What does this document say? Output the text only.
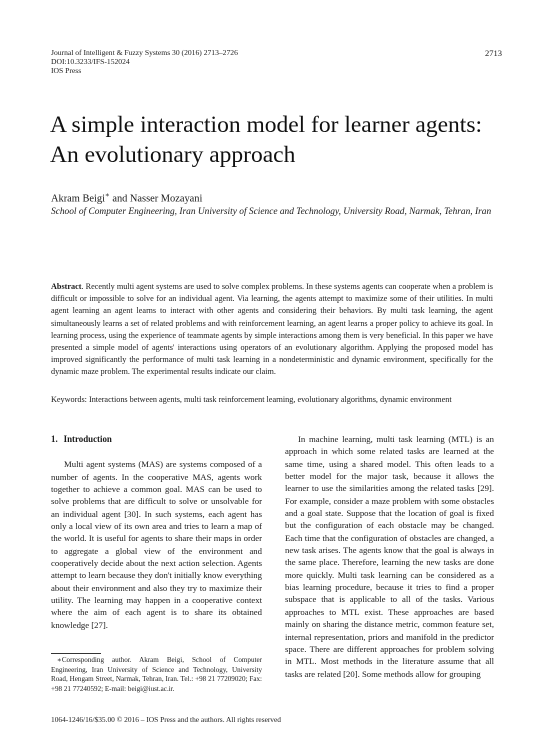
Journal of Intelligent & Fuzzy Systems 30 (2016) 2713–2726
DOI:10.3233/IFS-152024
IOS Press
2713
A simple interaction model for learner agents: An evolutionary approach
Akram Beigi∗ and Nasser Mozayani
School of Computer Engineering, Iran University of Science and Technology, University Road, Narmak, Tehran, Iran
Abstract. Recently multi agent systems are used to solve complex problems. In these systems agents can cooperate when a problem is difficult or impossible to solve for an individual agent. Via learning, the agents attempt to maximize some of their utilities. In multi agent learning an agent learns to interact with other agents and considering their behaviors. By multi task learning, the agent simultaneously learns a set of related problems and with reinforcement learning, an agent learns a proper policy to achieve its goal. In learning process, using the experience of teammate agents by simple interactions among them is very beneficial. In this paper we have presented a simple model of agents' interactions using operators of an evolutionary algorithm. Applying the proposed model has improved significantly the performance of multi task learning in a nondeterministic and dynamic environment, specifically for the dynamic maze problem. The experimental results indicate our claim.
Keywords: Interactions between agents, multi task reinforcement learning, evolutionary algorithms, dynamic environment
1. Introduction

Multi agent systems (MAS) are systems composed of a number of agents. In the cooperative MAS, agents work together to achieve a common goal. MAS can be used to solve problems that are difficult to solve or unsolvable for an individual agent [30]. In such systems, each agent has only a local view of its own area and tries to learn a map of the world. It is useful for agents to share their maps in order to aggregate a global view of the environment and cooperatively decide about the next action selection. Agents attempt to learn because they don't initially know everything about their environment and also they try to maximize their utility. The learning may happen in a cooperative context where the aim of each agent is to share its obtained knowledge [27].

In machine learning, multi task learning (MTL) is an approach in which some related tasks are learned at the same time, using a shared model. This often leads to a better model for the major task, because it allows the learner to use the similarities among the related tasks [29]. For example, consider a maze problem with some obstacles and a goal state. Suppose that the location of goal is fixed but the configuration of each obstacle may be changed. Each time that the configuration of obstacles are changed, a new task arises. The agents know that the goal is always in the same place. Therefore, learning the new tasks are done more quickly. Multi task learning can be considered as a bias learning procedure, because it tries to find a proper subspace that is applicable to all of the tasks. Various approaches to MTL exist. These approaches are based mainly on sharing the distance metric, common feature set, internal representation, priors and manifold in the predictor space. There are different approaches for problem solving in MTL. Most methods in the literature assume that all tasks are related [20]. Some methods allow for grouping

∗Corresponding author. Akram Beigi, School of Computer Engineering, Iran University of Science and Technology, University Road, Hengam Street, Narmak, Tehran, Iran. Tel.: +98 21 77209020; Fax: +98 21 77240592; E-mail: beigi@iust.ac.ir.
1064-1246/16/$35.00 © 2016 – IOS Press and the authors. All rights reserved
